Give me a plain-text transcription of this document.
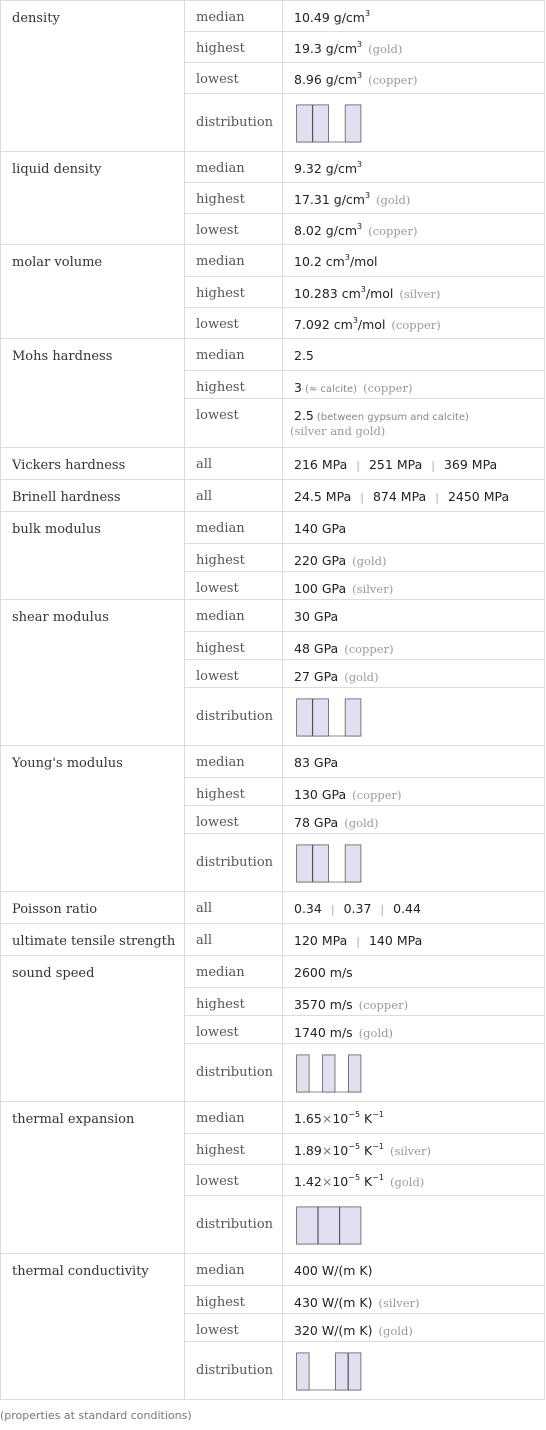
density	median	10.49 $g/cm^3$
	highest	19.3 $g/cm^3$ (gold)
	lowest	8.96 $g/cm^3$ (copper)
	distribution	

liquid density	median	9.32 $g/cm^3$
	highest	17.31 $g/cm^3$ (gold)
	lowest	8.02 $g/cm^3$ (copper)
molar volume	median	10.2 $cm^3$/mol
	highest	10.283 $cm^3$/mol (silver)
	lowest	7.092 $cm^3$/mol (copper)
Mohs hardness	median	2.5
	highest	3 (≈ calcite) (copper)
	lowest	2.5 (between gypsum and calcite)
(silver and gold)

Vickers hardness	all	216 MPa | 251 MPa | 369 MPa
Brinell hardness	all	24.5 MPa | 874 MPa | 2450 MPa
bulk modulus	median	140 GPa
	highest	220 GPa (gold)
	lowest	100 GPa (silver)
shear modulus	median	30 GPa
	highest	48 GPa (copper)
	lowest	27 GPa (gold)
	distribution	

Young's modulus	median	83 GPa
	highest	130 GPa (copper)
	lowest	78 GPa (gold)
	distribution	

Poisson ratio	all	0.34 | 0.37 | 0.44
ultimate tensile strength	all	120 MPa | 140 MPa
sound speed	median	2600 m/s
	highest	3570 m/s (copper)
	lowest	1740 m/s (gold)
	distribution	

thermal expansion	median	$1.65\times 10^{-5}$ $K^{-1}$
	highest	$1.89\times 10^{-5}$ $K^{-1}$ (silver)
	lowest	$1.42\times 10^{-5}$ $K^{-1}$ (gold)
	distribution	

thermal conductivity	median	400 W/(m K)
	highest	430 W/(m K) (silver)
	lowest	320 W/(m K) (gold)
	distribution	
(properties at standard conditions)
